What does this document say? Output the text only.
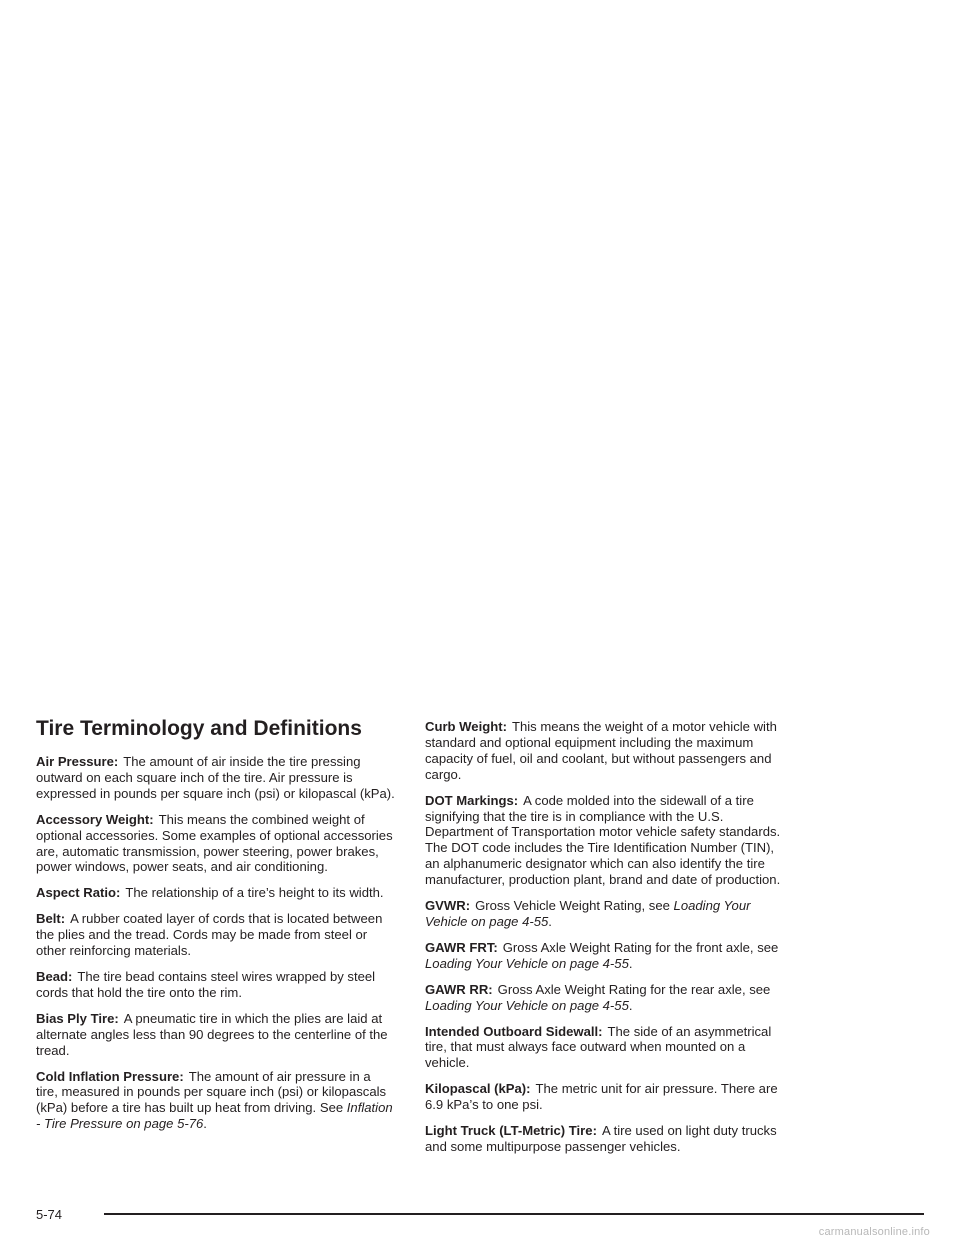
Tire Terminology and Definitions

Air Pressure: The amount of air inside the tire pressing outward on each square inch of the tire. Air pressure is expressed in pounds per square inch (psi) or kilopascal (kPa).

Accessory Weight: This means the combined weight of optional accessories. Some examples of optional accessories are, automatic transmission, power steering, power brakes, power windows, power seats, and air conditioning.

Aspect Ratio: The relationship of a tire’s height to its width.

Belt: A rubber coated layer of cords that is located between the plies and the tread. Cords may be made from steel or other reinforcing materials.

Bead: The tire bead contains steel wires wrapped by steel cords that hold the tire onto the rim.

Bias Ply Tire: A pneumatic tire in which the plies are laid at alternate angles less than 90 degrees to the centerline of the tread.

Cold Inflation Pressure: The amount of air pressure in a tire, measured in pounds per square inch (psi) or kilopascals (kPa) before a tire has built up heat from driving. See Inflation - Tire Pressure on page 5-76.

Curb Weight: This means the weight of a motor vehicle with standard and optional equipment including the maximum capacity of fuel, oil and coolant, but without passengers and cargo.

DOT Markings: A code molded into the sidewall of a tire signifying that the tire is in compliance with the U.S. Department of Transportation motor vehicle safety standards. The DOT code includes the Tire Identification Number (TIN), an alphanumeric designator which can also identify the tire manufacturer, production plant, brand and date of production.

GVWR: Gross Vehicle Weight Rating, see Loading Your Vehicle on page 4-55.

GAWR FRT: Gross Axle Weight Rating for the front axle, see Loading Your Vehicle on page 4-55.

GAWR RR: Gross Axle Weight Rating for the rear axle, see Loading Your Vehicle on page 4-55.

Intended Outboard Sidewall: The side of an asymmetrical tire, that must always face outward when mounted on a vehicle.

Kilopascal (kPa): The metric unit for air pressure. There are 6.9 kPa’s to one psi.

Light Truck (LT-Metric) Tire: A tire used on light duty trucks and some multipurpose passenger vehicles.

5-74
carmanualsonline.info
